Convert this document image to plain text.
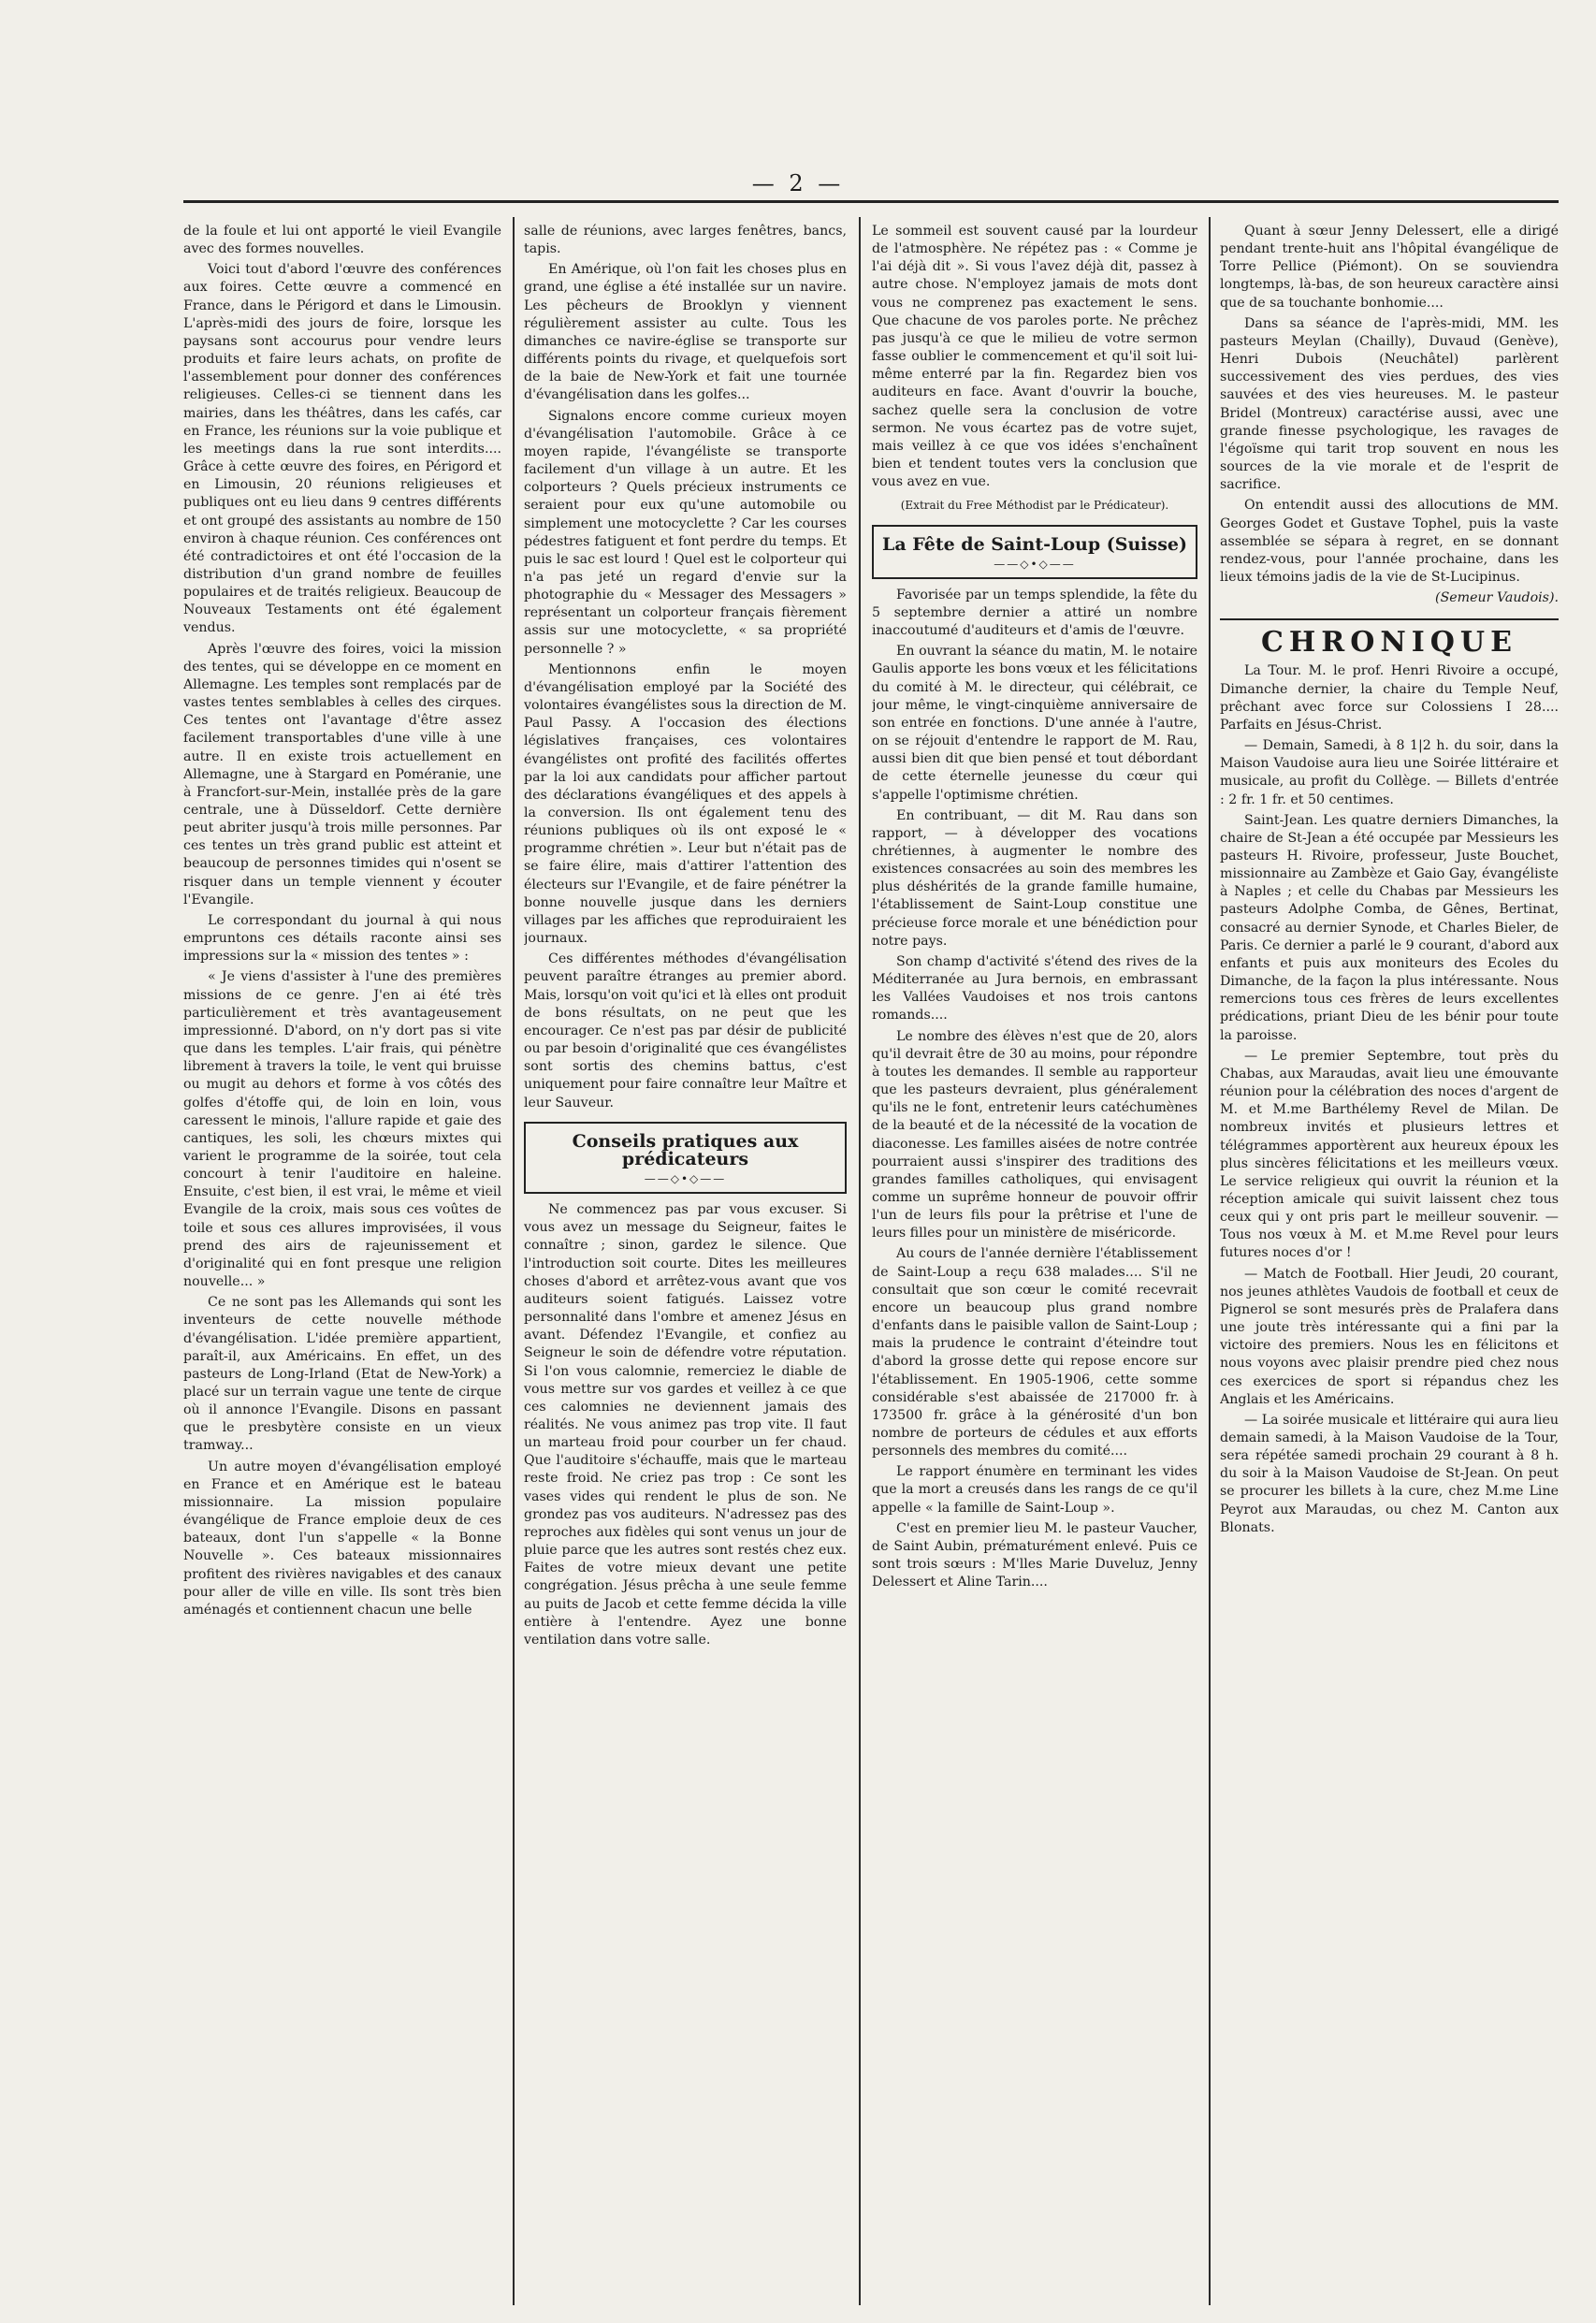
— 2 —

de la foule et lui ont apporté le vieil Evangile avec des formes nouvelles.

Voici tout d'abord l'œuvre des conférences aux foires. Cette œuvre a commencé en France, dans le Périgord et dans le Limousin. L'après-midi des jours de foire, lorsque les paysans sont accourus pour vendre leurs produits et faire leurs achats, on profite de l'assemblement pour donner des conférences religieuses. Celles-ci se tiennent dans les mairies, dans les théâtres, dans les cafés, car en France, les réunions sur la voie publique et les meetings dans la rue sont interdits.... Grâce à cette œuvre des foires, en Périgord et en Limousin, 20 réunions religieuses et publiques ont eu lieu dans 9 centres différents et ont groupé des assistants au nombre de 150 environ à chaque réunion. Ces conférences ont été contradictoires et ont été l'occasion de la distribution d'un grand nombre de feuilles populaires et de traités religieux. Beaucoup de Nouveaux Testaments ont été également vendus.

Après l'œuvre des foires, voici la mission des tentes, qui se développe en ce moment en Allemagne. Les temples sont remplacés par de vastes tentes semblables à celles des cirques. Ces tentes ont l'avantage d'être assez facilement transportables d'une ville à une autre. Il en existe trois actuellement en Allemagne, une à Stargard en Poméranie, une à Francfort-sur-Mein, installée près de la gare centrale, une à Düsseldorf. Cette dernière peut abriter jusqu'à trois mille personnes. Par ces tentes un très grand public est atteint et beaucoup de personnes timides qui n'osent se risquer dans un temple viennent y écouter l'Evangile.

Le correspondant du journal à qui nous empruntons ces détails raconte ainsi ses impressions sur la « mission des tentes » :

« Je viens d'assister à l'une des premières missions de ce genre. J'en ai été très particulièrement et très avantageusement impressionné. D'abord, on n'y dort pas si vite que dans les temples. L'air frais, qui pénètre librement à travers la toile, le vent qui bruisse ou mugit au dehors et forme à vos côtés des golfes d'étoffe qui, de loin en loin, vous caressent le minois, l'allure rapide et gaie des cantiques, les soli, les chœurs mixtes qui varient le programme de la soirée, tout cela concourt à tenir l'auditoire en haleine. Ensuite, c'est bien, il est vrai, le même et vieil Evangile de la croix, mais sous ces voûtes de toile et sous ces allures improvisées, il vous prend des airs de rajeunissement et d'originalité qui en font presque une religion nouvelle... »

Ce ne sont pas les Allemands qui sont les inventeurs de cette nouvelle méthode d'évangélisation. L'idée première appartient, paraît-il, aux Américains. En effet, un des pasteurs de Long-Irland (Etat de New-York) a placé sur un terrain vague une tente de cirque où il annonce l'Evangile. Disons en passant que le presbytère consiste en un vieux tramway...

Un autre moyen d'évangélisation employé en France et en Amérique est le bateau missionnaire. La mission populaire évangélique de France emploie deux de ces bateaux, dont l'un s'appelle « la Bonne Nouvelle ». Ces bateaux missionnaires profitent des rivières navigables et des canaux pour aller de ville en ville. Ils sont très bien aménagés et contiennent chacun une belle

salle de réunions, avec larges fenêtres, bancs, tapis.

En Amérique, où l'on fait les choses plus en grand, une église a été installée sur un navire. Les pêcheurs de Brooklyn y viennent régulièrement assister au culte. Tous les dimanches ce navire-église se transporte sur différents points du rivage, et quelquefois sort de la baie de New-York et fait une tournée d'évangélisation dans les golfes...

Signalons encore comme curieux moyen d'évangélisation l'automobile. Grâce à ce moyen rapide, l'évangéliste se transporte facilement d'un village à un autre. Et les colporteurs ? Quels précieux instruments ce seraient pour eux qu'une automobile ou simplement une motocyclette ? Car les courses pédestres fatiguent et font perdre du temps. Et puis le sac est lourd ! Quel est le colporteur qui n'a pas jeté un regard d'envie sur la photographie du « Messager des Messagers » représentant un colporteur français fièrement assis sur une motocyclette, « sa propriété personnelle ? »

Mentionnons enfin le moyen d'évangélisation employé par la Société des volontaires évangélistes sous la direction de M. Paul Passy. A l'occasion des élections législatives françaises, ces volontaires évangélistes ont profité des facilités offertes par la loi aux candidats pour afficher partout des déclarations évangéliques et des appels à la conversion. Ils ont également tenu des réunions publiques où ils ont exposé le « programme chrétien ». Leur but n'était pas de se faire élire, mais d'attirer l'attention des électeurs sur l'Evangile, et de faire pénétrer la bonne nouvelle jusque dans les derniers villages par les affiches que reproduiraient les journaux.

Ces différentes méthodes d'évangélisation peuvent paraître étranges au premier abord. Mais, lorsqu'on voit qu'ici et là elles ont produit de bons résultats, on ne peut que les encourager. Ce n'est pas par désir de publicité ou par besoin d'originalité que ces évangélistes sont sortis des chemins battus, c'est uniquement pour faire connaître leur Maître et leur Sauveur.

Conseils pratiques aux prédicateurs
——◇•◇——

Ne commencez pas par vous excuser. Si vous avez un message du Seigneur, faites le connaître ; sinon, gardez le silence. Que l'introduction soit courte. Dites les meilleures choses d'abord et arrêtez-vous avant que vos auditeurs soient fatigués. Laissez votre personnalité dans l'ombre et amenez Jésus en avant. Défendez l'Evangile, et confiez au Seigneur le soin de défendre votre réputation. Si l'on vous calomnie, remerciez le diable de vous mettre sur vos gardes et veillez à ce que ces calomnies ne deviennent jamais des réalités. Ne vous animez pas trop vite. Il faut un marteau froid pour courber un fer chaud. Que l'auditoire s'échauffe, mais que le marteau reste froid. Ne criez pas trop : Ce sont les vases vides qui rendent le plus de son. Ne grondez pas vos auditeurs. N'adressez pas des reproches aux fidèles qui sont venus un jour de pluie parce que les autres sont restés chez eux. Faites de votre mieux devant une petite congrégation. Jésus prêcha à une seule femme au puits de Jacob et cette femme décida la ville entière à l'entendre. Ayez une bonne ventilation dans votre salle.

Le sommeil est souvent causé par la lourdeur de l'atmosphère. Ne répétez pas : « Comme je l'ai déjà dit ». Si vous l'avez déjà dit, passez à autre chose. N'employez jamais de mots dont vous ne comprenez pas exactement le sens. Que chacune de vos paroles porte. Ne prêchez pas jusqu'à ce que le milieu de votre sermon fasse oublier le commencement et qu'il soit lui-même enterré par la fin. Regardez bien vos auditeurs en face. Avant d'ouvrir la bouche, sachez quelle sera la conclusion de votre sermon. Ne vous écartez pas de votre sujet, mais veillez à ce que vos idées s'enchaînent bien et tendent toutes vers la conclusion que vous avez en vue.

(Extrait du Free Méthodist par le Prédicateur).

La Fête de Saint-Loup (Suisse)
——◇•◇——

Favorisée par un temps splendide, la fête du 5 septembre dernier a attiré un nombre inaccoutumé d'auditeurs et d'amis de l'œuvre.

En ouvrant la séance du matin, M. le notaire Gaulis apporte les bons vœux et les félicitations du comité à M. le directeur, qui célébrait, ce jour même, le vingt-cinquième anniversaire de son entrée en fonctions. D'une année à l'autre, on se réjouit d'entendre le rapport de M. Rau, aussi bien dit que bien pensé et tout débordant de cette éternelle jeunesse du cœur qui s'appelle l'optimisme chrétien.

En contribuant, — dit M. Rau dans son rapport, — à développer des vocations chrétiennes, à augmenter le nombre des existences consacrées au soin des membres les plus déshérités de la grande famille humaine, l'établissement de Saint-Loup constitue une précieuse force morale et une bénédiction pour notre pays.

Son champ d'activité s'étend des rives de la Méditerranée au Jura bernois, en embrassant les Vallées Vaudoises et nos trois cantons romands....

Le nombre des élèves n'est que de 20, alors qu'il devrait être de 30 au moins, pour répondre à toutes les demandes. Il semble au rapporteur que les pasteurs devraient, plus généralement qu'ils ne le font, entretenir leurs catéchumènes de la beauté et de la nécessité de la vocation de diaconesse. Les familles aisées de notre contrée pourraient aussi s'inspirer des traditions des grandes familles catholiques, qui envisagent comme un suprême honneur de pouvoir offrir l'un de leurs fils pour la prêtrise et l'une de leurs filles pour un ministère de miséricorde.

Au cours de l'année dernière l'établissement de Saint-Loup a reçu 638 malades.... S'il ne consultait que son cœur le comité recevrait encore un beaucoup plus grand nombre d'enfants dans le paisible vallon de Saint-Loup ; mais la prudence le contraint d'éteindre tout d'abord la grosse dette qui repose encore sur l'établissement. En 1905-1906, cette somme considérable s'est abaissée de 217000 fr. à 173500 fr. grâce à la générosité d'un bon nombre de porteurs de cédules et aux efforts personnels des membres du comité....

Le rapport énumère en terminant les vides que la mort a creusés dans les rangs de ce qu'il appelle « la famille de Saint-Loup ».

C'est en premier lieu M. le pasteur Vaucher, de Saint Aubin, prématurément enlevé. Puis ce sont trois sœurs : M'lles Marie Duveluz, Jenny Delessert et Aline Tarin....

Quant à sœur Jenny Delessert, elle a dirigé pendant trente-huit ans l'hôpital évangélique de Torre Pellice (Piémont). On se souviendra longtemps, là-bas, de son heureux caractère ainsi que de sa touchante bonhomie....

Dans sa séance de l'après-midi, MM. les pasteurs Meylan (Chailly), Duvaud (Genève), Henri Dubois (Neuchâtel) parlèrent successivement des vies perdues, des vies sauvées et des vies heureuses. M. le pasteur Bridel (Montreux) caractérise aussi, avec une grande finesse psychologique, les ravages de l'égoïsme qui tarit trop souvent en nous les sources de la vie morale et de l'esprit de sacrifice.

On entendit aussi des allocutions de MM. Georges Godet et Gustave Tophel, puis la vaste assemblée se sépara à regret, en se donnant rendez-vous, pour l'année prochaine, dans les lieux témoins jadis de la vie de St-Lucipinus.

(Semeur Vaudois).

CHRONIQUE

La Tour. M. le prof. Henri Rivoire a occupé, Dimanche dernier, la chaire du Temple Neuf, prêchant avec force sur Colossiens I 28.... Parfaits en Jésus-Christ.

— Demain, Samedi, à 8 1|2 h. du soir, dans la Maison Vaudoise aura lieu une Soirée littéraire et musicale, au profit du Collège. — Billets d'entrée : 2 fr. 1 fr. et 50 centimes.

Saint-Jean. Les quatre derniers Dimanches, la chaire de St-Jean a été occupée par Messieurs les pasteurs H. Rivoire, professeur, Juste Bouchet, missionnaire au Zambèze et Gaio Gay, évangéliste à Naples ; et celle du Chabas par Messieurs les pasteurs Adolphe Comba, de Gênes, Bertinat, consacré au dernier Synode, et Charles Bieler, de Paris. Ce dernier a parlé le 9 courant, d'abord aux enfants et puis aux moniteurs des Ecoles du Dimanche, de la façon la plus intéressante. Nous remercions tous ces frères de leurs excellentes prédications, priant Dieu de les bénir pour toute la paroisse.

— Le premier Septembre, tout près du Chabas, aux Maraudas, avait lieu une émouvante réunion pour la célébration des noces d'argent de M. et M.me Barthélemy Revel de Milan. De nombreux invités et plusieurs lettres et télégrammes apportèrent aux heureux époux les plus sincères félicitations et les meilleurs vœux. Le service religieux qui ouvrit la réunion et la réception amicale qui suivit laissent chez tous ceux qui y ont pris part le meilleur souvenir. — Tous nos vœux à M. et M.me Revel pour leurs futures noces d'or !

— Match de Football. Hier Jeudi, 20 courant, nos jeunes athlètes Vaudois de football et ceux de Pignerol se sont mesurés près de Pralafera dans une joute très intéressante qui a fini par la victoire des premiers. Nous les en félicitons et nous voyons avec plaisir prendre pied chez nous ces exercices de sport si répandus chez les Anglais et les Américains.

— La soirée musicale et littéraire qui aura lieu demain samedi, à la Maison Vaudoise de la Tour, sera répétée samedi prochain 29 courant à 8 h. du soir à la Maison Vaudoise de St-Jean. On peut se procurer les billets à la cure, chez M.me Line Peyrot aux Maraudas, ou chez M. Canton aux Blonats.
